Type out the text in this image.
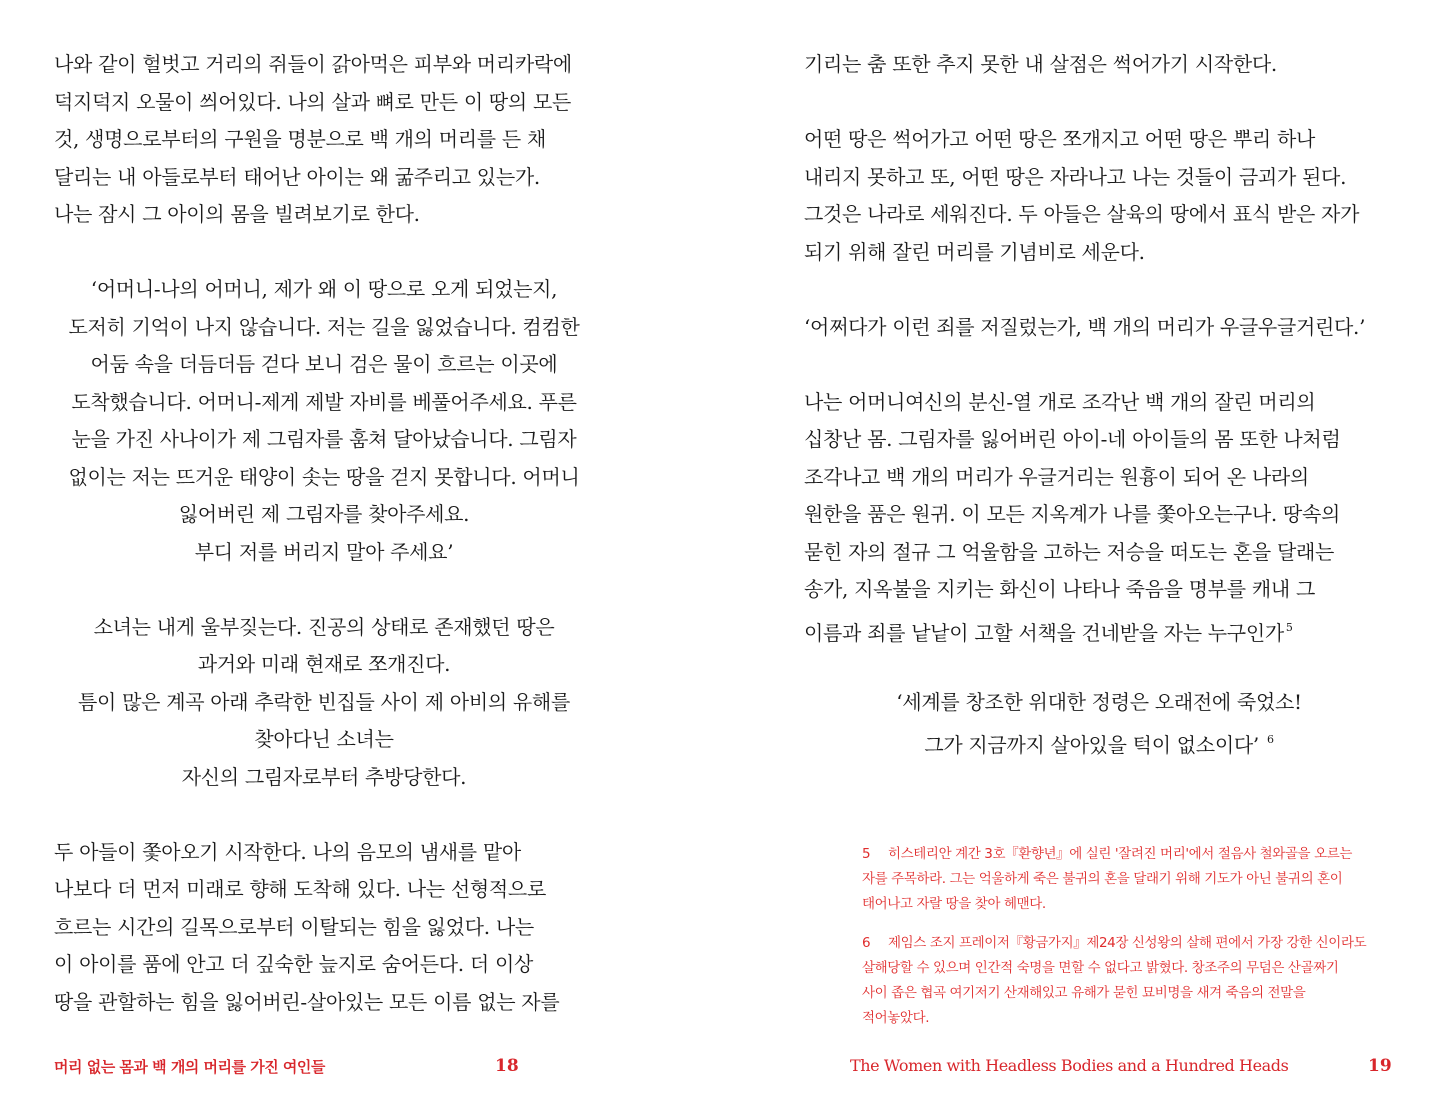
나와 같이 헐벗고 거리의 쥐들이 갉아먹은 피부와 머리카락에
덕지덕지 오물이 씌어있다. 나의 살과 뼈로 만든 이 땅의 모든
것, 생명으로부터의 구원을 명분으로 백 개의 머리를 든 채
달리는 내 아들로부터 태어난 아이는 왜 굶주리고 있는가.
나는 잠시 그 아이의 몸을 빌려보기로 한다.
‘어머니-나의 어머니, 제가 왜 이 땅으로 오게 되었는지,
도저히 기억이 나지 않습니다. 저는 길을 잃었습니다. 컴컴한
어둠 속을 더듬더듬 걷다 보니 검은 물이 흐르는 이곳에
도착했습니다. 어머니-제게 제발 자비를 베풀어주세요. 푸른
눈을 가진 사나이가 제 그림자를 훔쳐 달아났습니다. 그림자
없이는 저는 뜨거운 태양이 솟는 땅을 걷지 못합니다. 어머니
잃어버린 제 그림자를 찾아주세요.
부디 저를 버리지 말아 주세요’
소녀는 내게 울부짖는다. 진공의 상태로 존재했던 땅은
과거와 미래 현재로 쪼개진다.
틈이 많은 계곡 아래 추락한 빈집들 사이 제 아비의 유해를
찾아다닌 소녀는
자신의 그림자로부터 추방당한다.
두 아들이 쫓아오기 시작한다. 나의 음모의 냄새를 맡아
나보다 더 먼저 미래로 향해 도착해 있다. 나는 선형적으로
흐르는 시간의 길목으로부터 이탈되는 힘을 잃었다. 나는
이 아이를 품에 안고 더 깊숙한 늪지로 숨어든다. 더 이상
땅을 관할하는 힘을 잃어버린-살아있는 모든 이름 없는 자를
머리 없는 몸과 백 개의 머리를 가진 여인들	18
기리는 춤 또한 추지 못한 내 살점은 썩어가기 시작한다.
어떤 땅은 썩어가고 어떤 땅은 쪼개지고 어떤 땅은 뿌리 하나
내리지 못하고 또, 어떤 땅은 자라나고 나는 것들이 금괴가 된다.
그것은 나라로 세워진다. 두 아들은 살육의 땅에서 표식 받은 자가
되기 위해 잘린 머리를 기념비로 세운다.
‘어쩌다가 이런 죄를 저질렀는가, 백 개의 머리가 우글우글거린다.’
나는 어머니여신의 분신-열 개로 조각난 백 개의 잘린 머리의
십창난 몸. 그림자를 잃어버린 아이-네 아이들의 몸 또한 나처럼
조각나고 백 개의 머리가 우글거리는 원흉이 되어 온 나라의
원한을 품은 원귀. 이 모든 지옥계가 나를 쫓아오는구나. 땅속의
묻힌 자의 절규 그 억울함을 고하는 저승을 떠도는 혼을 달래는
송가, 지옥불을 지키는 화신이 나타나 죽음을 명부를 캐내 그
이름과 죄를 낱낱이 고할 서책을 건네받을 자는 누구인가 $^5$
‘세계를 창조한 위대한 정령은 오래전에 죽었소!
그가 지금까지 살아있을 턱이 없소이다’ $^6$
5 히스테리안 계간 3호『환향년』에 실린 '잘려진 머리'에서 절음사 철와골을 오르는
자를 주목하라. 그는 억울하게 죽은 불귀의 혼을 달래기 위해 기도가 아닌 불귀의 혼이
태어나고 자랄 땅을 찾아 헤맨다.
6 제임스 조지 프레이저『황금가지』제24장 신성왕의 살해 편에서 가장 강한 신이라도
살해당할 수 있으며 인간적 숙명을 면할 수 없다고 밝혔다. 창조주의 무덤은 산골짜기
사이 좁은 협곡 여기저기 산재해있고 유해가 묻힌 묘비명을 새겨 죽음의 전말을
적어놓았다.
The Women with Headless Bodies and a Hundred Heads	19
